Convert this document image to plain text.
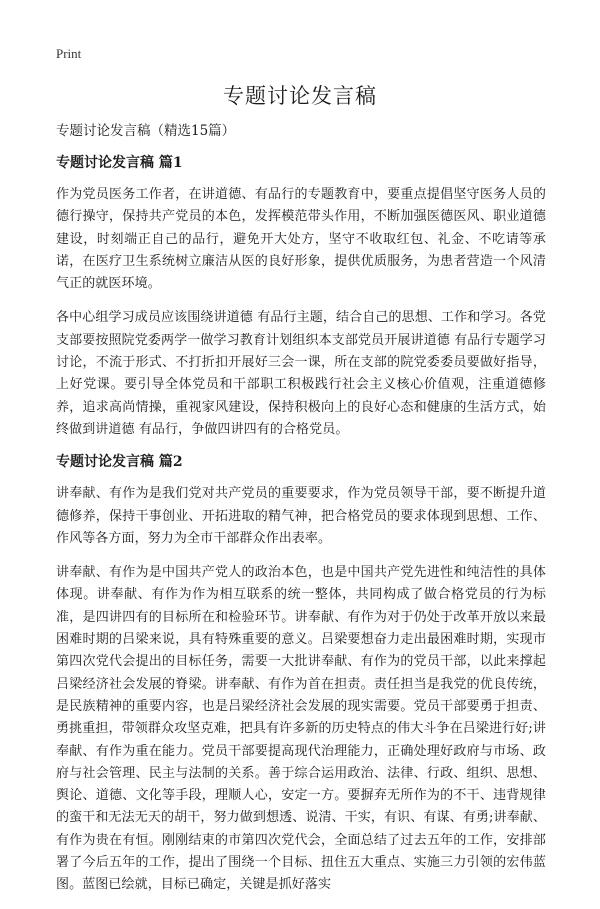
Print
专题讨论发言稿

专题讨论发言稿（精选15篇）

专题讨论发言稿 篇1

作为党员医务工作者，在讲道德、有品行的专题教育中，要重点提倡坚守医务人员的德行操守，保持共产党员的本色，发挥模范带头作用，不断加强医德医风、职业道德建设，时刻端正自己的品行，避免开大处方，坚守不收取红包、礼金、不吃请等承诺，在医疗卫生系统树立廉洁从医的良好形象，提供优质服务，为患者营造一个风清气正的就医环境。

各中心组学习成员应该围绕讲道德 有品行主题，结合自己的思想、工作和学习。各党支部要按照院党委两学一做学习教育计划组织本支部党员开展讲道德 有品行专题学习讨论，不流于形式、不打折扣开展好三会一课，所在支部的院党委委员要做好指导，上好党课。要引导全体党员和干部职工积极践行社会主义核心价值观，注重道德修养，追求高尚情操，重视家风建设，保持积极向上的良好心态和健康的生活方式，始终做到讲道德 有品行，争做四讲四有的合格党员。

专题讨论发言稿 篇2

讲奉献、有作为是我们党对共产党员的重要要求，作为党员领导干部，要不断提升道德修养，保持干事创业、开拓进取的精气神，把合格党员的要求体现到思想、工作、作风等各方面，努力为全市干部群众作出表率。

讲奉献、有作为是中国共产党人的政治本色，也是中国共产党先进性和纯洁性的具体体现。讲奉献、有作为作为相互联系的统一整体，共同构成了做合格党员的行为标准，是四讲四有的目标所在和检验环节。讲奉献、有作为对于仍处于改革开放以来最困难时期的吕梁来说，具有特殊重要的意义。吕梁要想奋力走出最困难时期，实现市第四次党代会提出的目标任务，需要一大批讲奉献、有作为的党员干部，以此来撑起吕梁经济社会发展的脊梁。讲奉献、有作为首在担责。责任担当是我党的优良传统，是民族精神的重要内容，也是吕梁经济社会发展的现实需要。党员干部要勇于担责、勇挑重担，带领群众攻坚克难，把具有许多新的历史特点的伟大斗争在吕梁进行好;讲奉献、有作为重在能力。党员干部要提高现代治理能力，正确处理好政府与市场、政府与社会管理、民主与法制的关系。善于综合运用政治、法律、行政、组织、思想、舆论、道德、文化等手段，理顺人心，安定一方。要摒弃无所作为的不干、违背规律的蛮干和无法无天的胡干，努力做到想透、说清、干实，有识、有谋、有勇;讲奉献、有作为贵在有恒。刚刚结束的市第四次党代会，全面总结了过去五年的工作，安排部署了今后五年的工作，提出了围绕一个目标、扭住五大重点、实施三力引领的宏伟蓝图。蓝图已绘就，目标已确定，关键是抓好落实
